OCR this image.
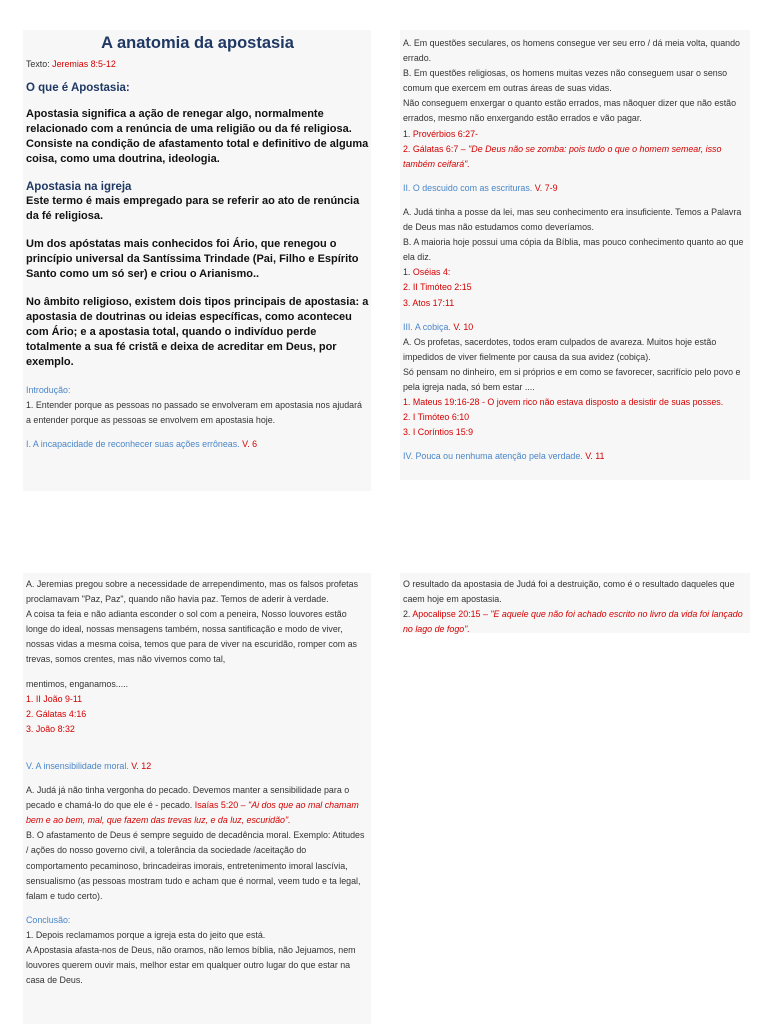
A anatomia da apostasia
Texto: Jeremias 8:5-12
O que é Apostasia:

Apostasia significa a ação de renegar algo, normalmente relacionado com a renúncia de uma religião ou da fé religiosa.

Consiste na condição de afastamento total e definitivo de alguma coisa, como uma doutrina, ideologia.

Apostasia na igreja

Este termo é mais empregado para se referir ao ato de renúncia da fé religiosa.

Um dos apóstatas mais conhecidos foi Ário, que renegou o princípio universal da Santíssima Trindade (Pai, Filho e Espírito Santo como um só ser) e criou o Arianismo..

No âmbito religioso, existem dois tipos principais de apostasia: a apostasia de doutrinas ou ideias específicas, como aconteceu com Ário; e a apostasia total, quando o indivíduo perde totalmente a sua fé cristã e deixa de acreditar em Deus, por exemplo.

Introdução:

1. Entender porque as pessoas no passado se envolveram em apostasia nos ajudará a entender porque as pessoas se envolvem em apostasia hoje.

I. A incapacidade de reconhecer suas ações errôneas. V. 6

A. Em questões seculares, os homens consegue ver seu erro / dá meia volta, quando errado.

B. Em questões religiosas, os homens muitas vezes não conseguem usar o senso comum que exercem em outras áreas de suas vidas.

Não conseguem enxergar o quanto estão errados, mas nãoquer dizer que não estão errados, mesmo não enxergando estão errados e vão pagar.

1. Provérbios 6:27-

2. Gálatas 6:7 – "De Deus não se zomba: pois tudo o que o homem semear, isso também ceifará".

II. O descuido com as escrituras. V. 7-9

A. Judá tinha a posse da lei, mas seu conhecimento era insuficiente. Temos a Palavra de Deus mas não estudamos como deveríamos.

B. A maioria hoje possui uma cópia da Bíblia, mas pouco conhecimento quanto ao que ela diz.

1. Oséias 4:

2. II Timóteo 2:15

3. Atos 17:11

III. A cobiça. V. 10

A. Os profetas, sacerdotes, todos eram culpados de avareza. Muitos hoje estão impedidos de viver fielmente por causa da sua avidez (cobiça).

Só pensam no dinheiro, em si próprios e em como se favorecer, sacrifício pelo povo e pela igreja nada, só bem estar ....

1. Mateus 19:16-28 - O jovem rico não estava disposto a desistir de suas posses.

2. I Timóteo 6:10

3. I Coríntios 15:9

IV. Pouca ou nenhuma atenção pela verdade. V. 11

A. Jeremias pregou sobre a necessidade de arrependimento, mas os falsos profetas proclamavam "Paz, Paz", quando não havia paz. Temos de aderir à verdade.

A coisa ta feia e não adianta esconder o sol com a peneira, Nosso louvores estão longe do ideal, nossas mensagens também, nossa santificação e modo de viver, nossas vidas a mesma coisa, temos que para de viver na escuridão, romper com as trevas, somos crentes, mas não vivemos como tal,

mentimos, enganamos.....

1. II João 9-11

2. Gálatas 4:16

3. João 8:32

V. A insensibilidade moral. V. 12

A. Judá já não tinha vergonha do pecado. Devemos manter a sensibilidade para o pecado e chamá-lo do que ele é - pecado. Isaías 5:20 – "Ai dos que ao mal chamam bem e ao bem, mal, que fazem das trevas luz, e da luz, escuridão".

B. O afastamento de Deus é sempre seguido de decadência moral. Exemplo: Atitudes / ações do nosso governo civil, a tolerância da sociedade /aceitação do comportamento pecaminoso, brincadeiras imorais, entretenimento imoral lascívia, sensualismo (as pessoas mostram tudo e acham que é normal, veem tudo e ta legal, falam e tudo certo).

Conclusão:

1. Depois reclamamos porque a igreja esta do jeito que está.

A Apostasia afasta-nos de Deus, não oramos, não lemos bíblia, não Jejuamos, nem louvores querem ouvir mais, melhor estar em qualquer outro lugar do que estar na casa de Deus.

O resultado da apostasia de Judá foi a destruição, como é o resultado daqueles que caem hoje em apostasia.

2. Apocalipse 20:15 – "E aquele que não foi achado escrito no livro da vida foi lançado no lago de fogo".
